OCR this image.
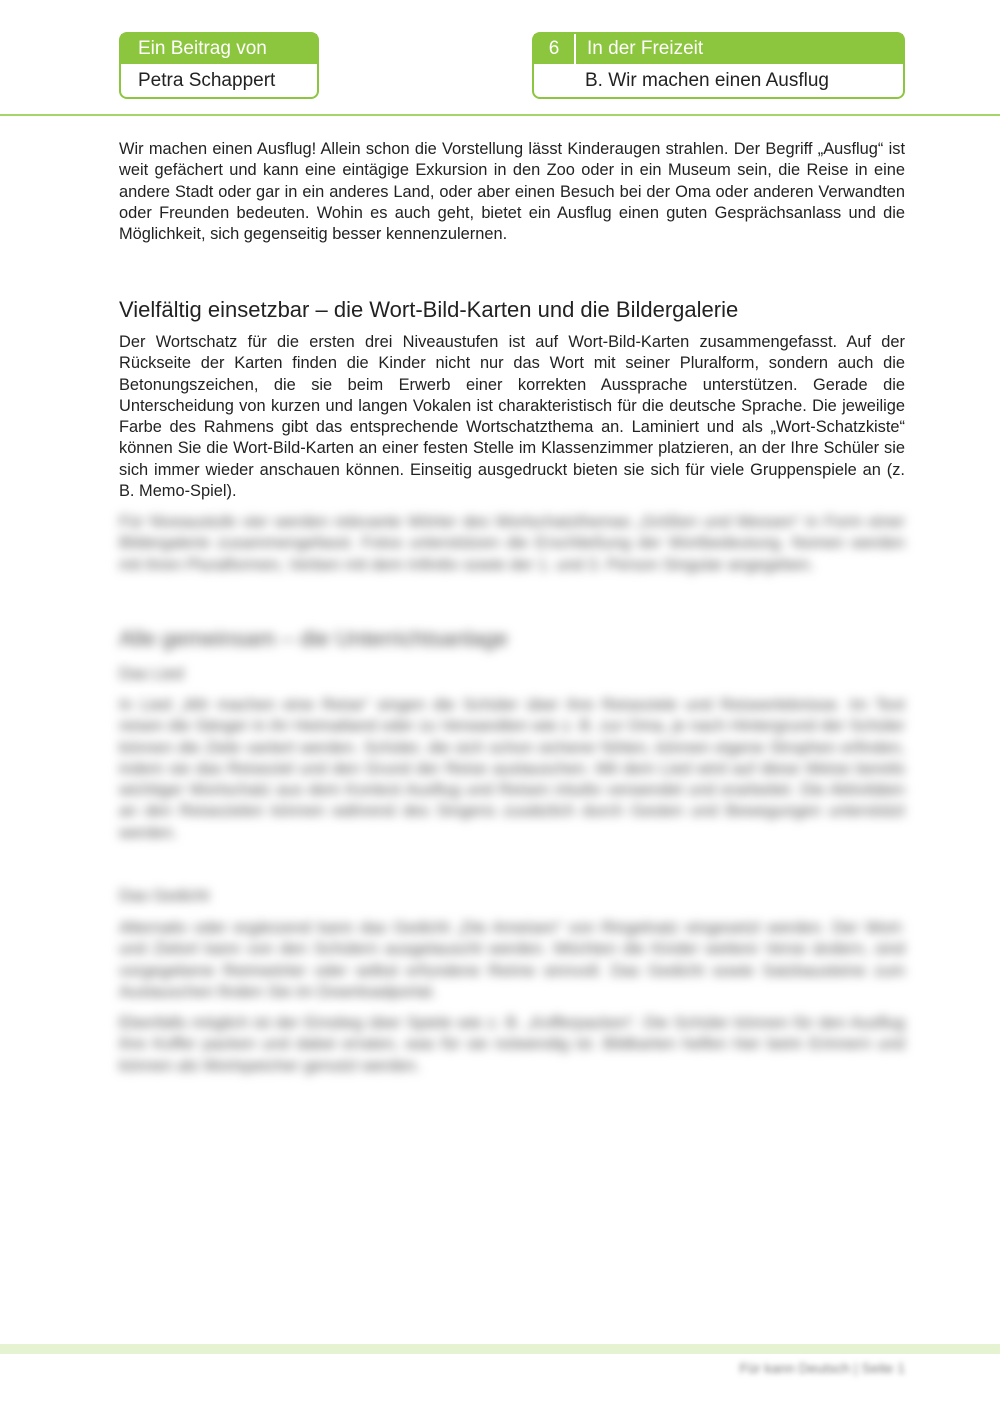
Ein Beitrag von
Petra Schappert
6	In der Freizeit
B. Wir machen einen Ausflug

Wir machen einen Ausflug! Allein schon die Vorstellung lässt Kinderaugen strahlen. Der Begriff „Ausflug“ ist weit gefächert und kann eine eintägige Exkursion in den Zoo oder in ein Museum sein, die Reise in eine andere Stadt oder gar in ein anderes Land, oder aber einen Besuch bei der Oma oder anderen Verwandten oder Freunden bedeuten. Wohin es auch geht, bietet ein Ausflug einen guten Gesprächsanlass und die Möglichkeit, sich gegenseitig besser kennenzulernen.

Vielfältig einsetzbar – die Wort-Bild-Karten und die Bildergalerie

Der Wortschatz für die ersten drei Niveaustufen ist auf Wort-Bild-Karten zusammengefasst. Auf der Rückseite der Karten finden die Kinder nicht nur das Wort mit seiner Pluralform, sondern auch die Betonungszeichen, die sie beim Erwerb einer korrekten Aussprache unterstützen. Gerade die Unterscheidung von kurzen und langen Vokalen ist charakteristisch für die deutsche Sprache. Die jeweilige Farbe des Rahmens gibt das entsprechende Wortschatzthema an. Laminiert und als „Wort-Schatzkiste“ können Sie die Wort-Bild-Karten an einer festen Stelle im Klassenzimmer platzieren, an der Ihre Schüler sie sich immer wieder anschauen können. Einseitig ausgedruckt bieten sie sich für viele Gruppenspiele an (z. B. Memo-Spiel).

Für Niveaustufe vier werden relevante Wörter des Wortschatzthemas „Größen und Messen“ in Form einer Bildergalerie zusammengefasst. Fotos unterstützen die Erschließung der Wortbedeutung. Nomen werden mit ihren Pluralformen, Verben mit dem Infinitiv sowie der 1. und 3. Person Singular angegeben.

Alle gemeinsam – die Unterrichtsanlage

Das Lied

In Lied „Wir machen eine Reise“ singen die Schüler über ihre Reiseziele und Reiseerlebnisse. Im Text reisen die Sänger in ihr Heimatland oder zu Verwandten wie z. B. zur Oma, je nach Hintergrund der Schüler können die Ziele variiert werden. Schüler, die sich schon sicherer fühlen, können eigene Strophen erfinden, indem sie das Reiseziel und den Grund der Reise austauschen. Mit dem Lied wird auf diese Weise bereits wichtiger Wortschatz aus dem Kontext Ausflug und Reisen intuitiv verwendet und erarbeitet. Die Aktivitäten an den Reisezielen können während des Singens zusätzlich durch Gesten und Bewegungen unterstützt werden.

Das Gedicht

Alternativ oder ergänzend kann das Gedicht „Die Ameisen“ von Ringelnatz eingesetzt werden. Der Wort- und Zielort kann von den Schülern ausgetauscht werden. Möchten die Kinder weitere Verse ändern, sind vorgegebene Reimwörter oder selbst erfundene Reime sinnvoll. Das Gedicht sowie Satzbausteine zum Austauschen finden Sie im Downloadportal.

Ebenfalls möglich ist der Einstieg über Spiele wie z. B. „Kofferpacken“. Die Schüler können für den Ausflug ihre Koffer packen und dabei erraten, was für sie notwendig ist. Bildkarten helfen hier beim Erinnern und können als Wortspeicher genutzt werden.

Für kann Deutsch | Seite 1
